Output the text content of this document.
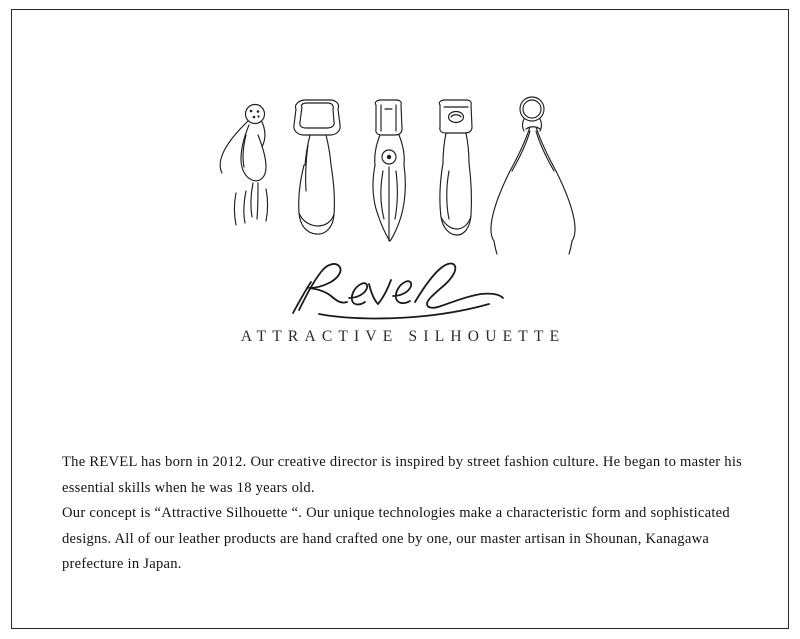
ATTRACTIVE SILHOUETTE

The REVEL has born in 2012. Our creative director is inspired by street fashion culture. He began to master his essential skills when he was 18 years old.

Our concept is “Attractive Silhouette “. Our unique technologies make a characteristic form and sophisticated designs. All of our leather products are hand crafted one by one, our master artisan in Shounan, Kanagawa prefecture in Japan.
